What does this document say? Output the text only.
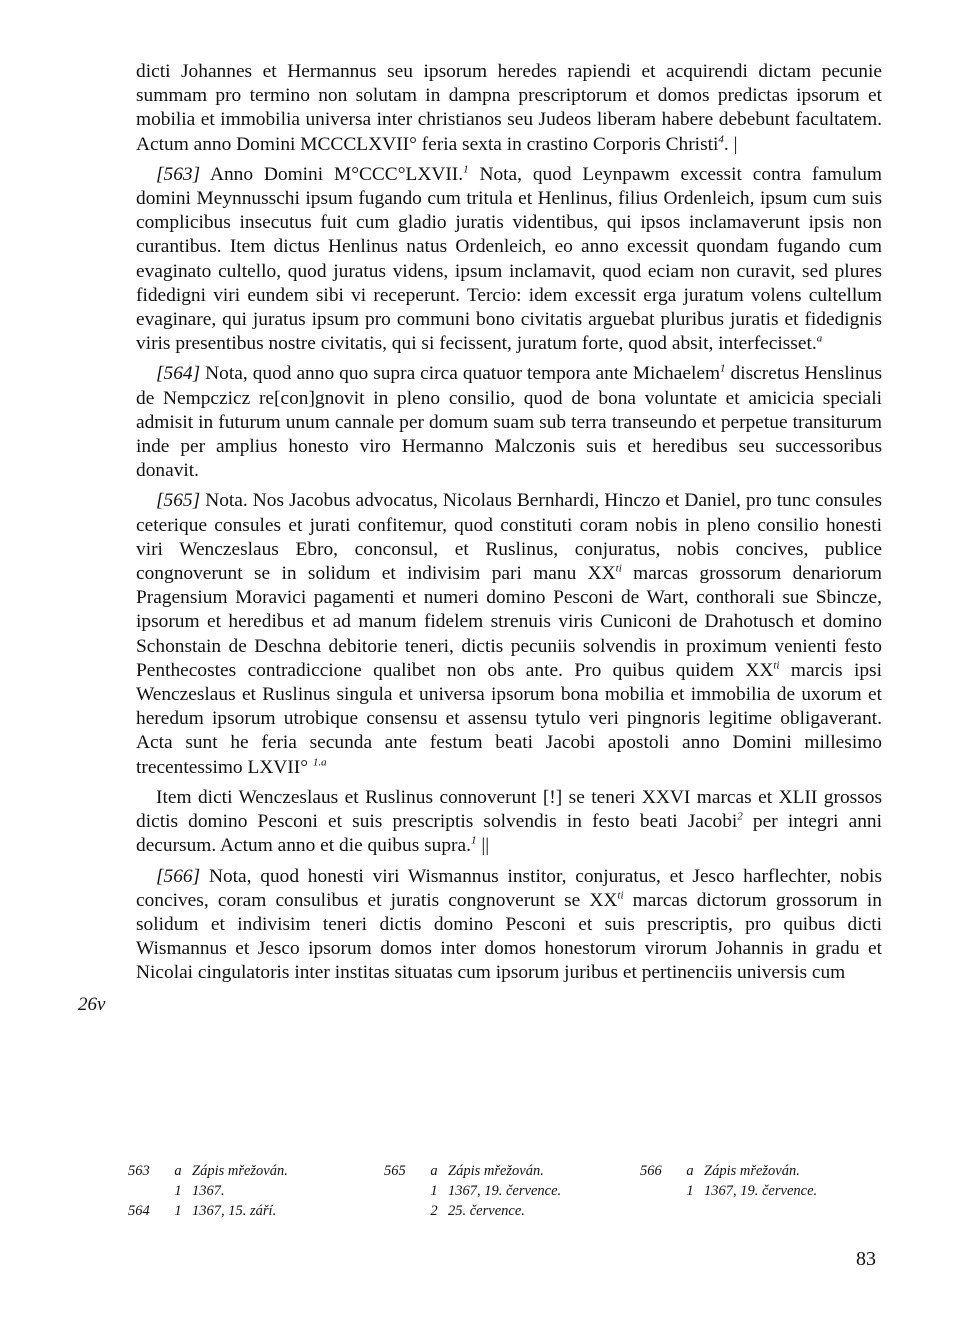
dicti Johannes et Hermannus seu ipsorum heredes rapiendi et acquirendi dictam pecunie summam pro termino non solutam in dampna prescriptorum et domos predictas ipsorum et mobilia et immobilia universa inter christianos seu Judeos liberam habere debebunt facultatem. Actum anno Domini MCCCLXVII° feria sexta in crastino Corporis Christi$^4$. |

[563] Anno Domini M°CCC°LXVII.$^1$ Nota, quod Leynpawm excessit contra famulum domini Meynnusschi ipsum fugando cum tritula et Henlinus, filius Ordenleich, ipsum cum suis complicibus insecutus fuit cum gladio juratis videntibus, qui ipsos inclamaverunt ipsis non curantibus. Item dictus Henlinus natus Ordenleich, eo anno excessit quondam fugando cum evaginato cultello, quod juratus videns, ipsum inclamavit, quod eciam non curavit, sed plures fidedigni viri eundem sibi vi receperunt. Tercio: idem excessit erga juratum volens cultellum evaginare, qui juratus ipsum pro communi bono civitatis arguebat pluribus juratis et fidedignis viris presentibus nostre civitatis, qui si fecissent, juratum forte, quod absit, interfecisset.$^a$

[564] Nota, quod anno quo supra circa quatuor tempora ante Michaelem$^1$ discretus Henslinus de Nempczicz re[con]gnovit in pleno consilio, quod de bona voluntate et amicicia speciali admisit in futurum unum cannale per domum suam sub terra transeundo et perpetue transiturum inde per amplius honesto viro Hermanno Malczonis suis et heredibus seu successoribus donavit.

[565] Nota. Nos Jacobus advocatus, Nicolaus Bernhardi, Hinczo et Daniel, pro tunc consules ceterique consules et jurati confitemur, quod constituti coram nobis in pleno consilio honesti viri Wenczeslaus Ebro, conconsul, et Ruslinus, conjuratus, nobis concives, publice congnoverunt se in solidum et indivisim pari manu $XX^{ti}$ marcas grossorum denariorum Pragensium Moravici pagamenti et numeri domino Pesconi de Wart, conthorali sue Sbincze, ipsorum et heredibus et ad manum fidelem strenuis viris Cuniconi de Drahotusch et domino Schonstain de Deschna debitorie teneri, dictis pecuniis solvendis in proximum venienti festo Penthecostes contradiccione qualibet non obs ante. Pro quibus quidem $XX^{ti}$ marcis ipsi Wenczeslaus et Ruslinus singula et universa ipsorum bona mobilia et immobilia de uxorum et heredum ipsorum utrobique consensu et assensu tytulo veri pingnoris legitime obligaverant. Acta sunt he feria secunda ante festum beati Jacobi apostoli anno Domini millesimo trecentessimo LXVII° $^{1.a}$

Item dicti Wenczeslaus et Ruslinus connoverunt [!] se teneri XXVI marcas et XLII grossos dictis domino Pesconi et suis prescriptis solvendis in festo beati Jacobi$^2$ per integri anni decursum. Actum anno et die quibus supra.$^1$ ||

[566] Nota, quod honesti viri Wismannus institor, conjuratus, et Jesco harflechter, nobis concives, coram consulibus et juratis congnoverunt se $XX^{ti}$ marcas dictorum grossorum in solidum et indivisim teneri dictis domino Pesconi et suis prescriptis, pro quibus dicti Wismannus et Jesco ipsorum domos inter domos honestorum virorum Johannis in gradu et Nicolai cingulatoris inter institas situatas cum ipsorum juribus et pertinenciis universis cum

26v
563	a Zápis mřežován.	565	a Zápis mřežován.	566	a Zápis mřežován.
1 1367.	1 1367, 19. července.	1 1367, 19. července.
564	1 1367, 15. září.	2 25. července.
83
